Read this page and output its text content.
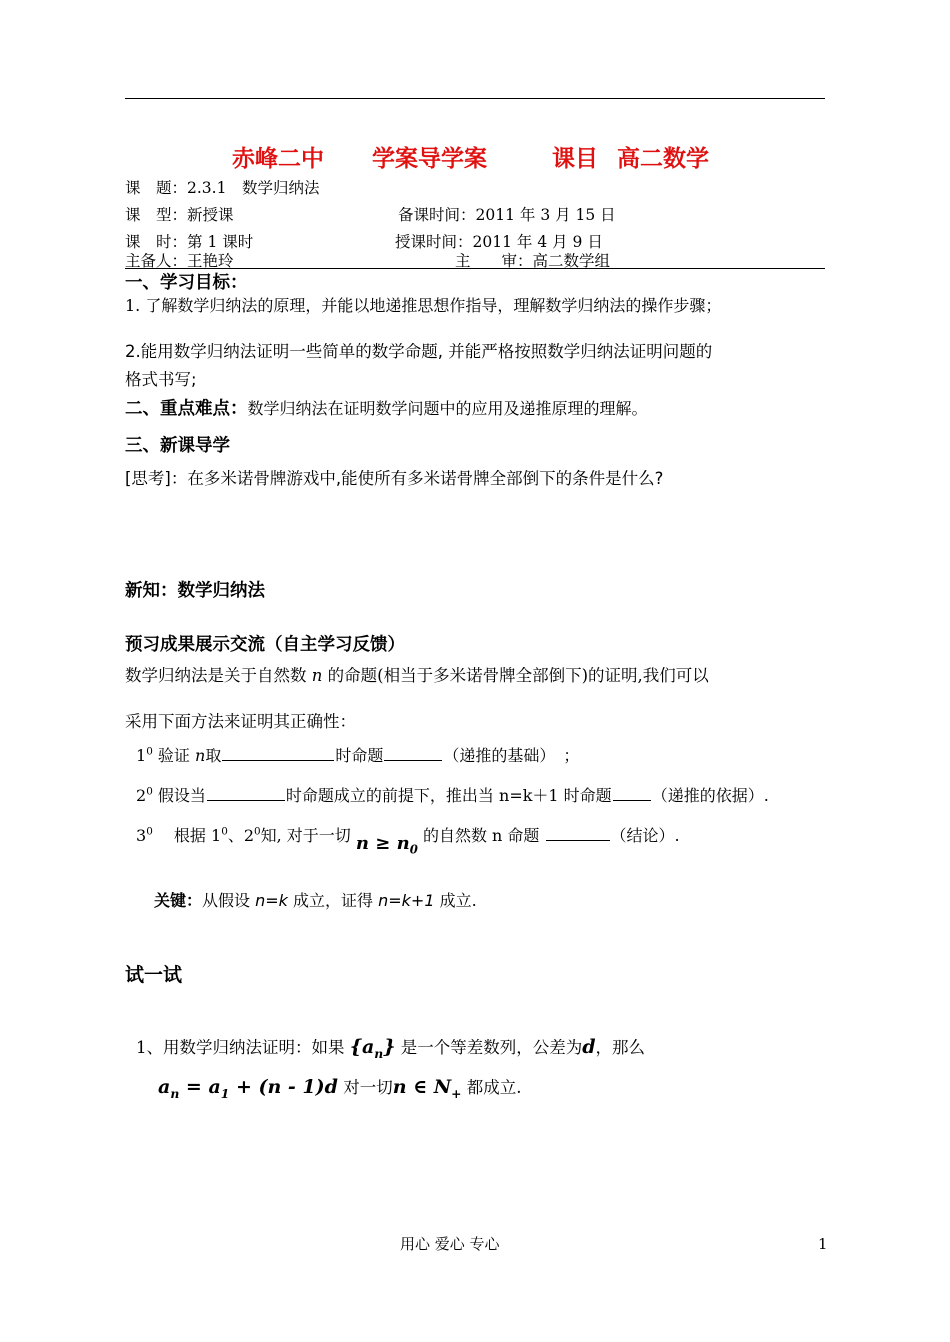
赤峰二中 学案导学案	课目 高二数学
课　题：2.3.1　数学归纳法
课　型：新授课	备课时间：2011 年 3 月 15 日
课　时：第 1 课时	授课时间：2011 年 4 月 9 日
主备人：王艳玲	主　　审：高二数学组
一、学习目标：
1. 了解数学归纳法的原理，并能以地递推思想作指导，理解数学归纳法的操作步骤；
2.能用数学归纳法证明一些简单的数学命题, 并能严格按照数学归纳法证明问题的
格式书写;
二、重点难点：数学归纳法在证明数学问题中的应用及递推原理的理解。
三、新课导学
[思考]：在多米诺骨牌游戏中,能使所有多米诺骨牌全部倒下的条件是什么?
新知：数学归纳法
预习成果展示交流（自主学习反馈）
数学归纳法是关于自然数 n 的命题(相当于多米诺骨牌全部倒下)的证明,我们可以
采用下面方法来证明其正确性：
$1^0$ 验证 n取	时命题	（递推的基础）　；
$2^0$ 假设当	时命题成立的前提下，推出当 n=k＋1 时命题	（递推的依据）.
$3^0$ 　 根据 $1^0$、$2^0$知, 对于一切 $n \ge n_0$ 的自然数 n 命题	（结论）.
关键：从假设 n=k 成立，证得 n=k+1 成立.
试一试
1、用数学归纳法证明：如果 $\{a_n\}$ 是一个等差数列，公差为d，那么
$a_n = a_1 + (n - 1)d$ 对一切n ∈ $N_+$ 都成立.
用心 爱心 专心	1
